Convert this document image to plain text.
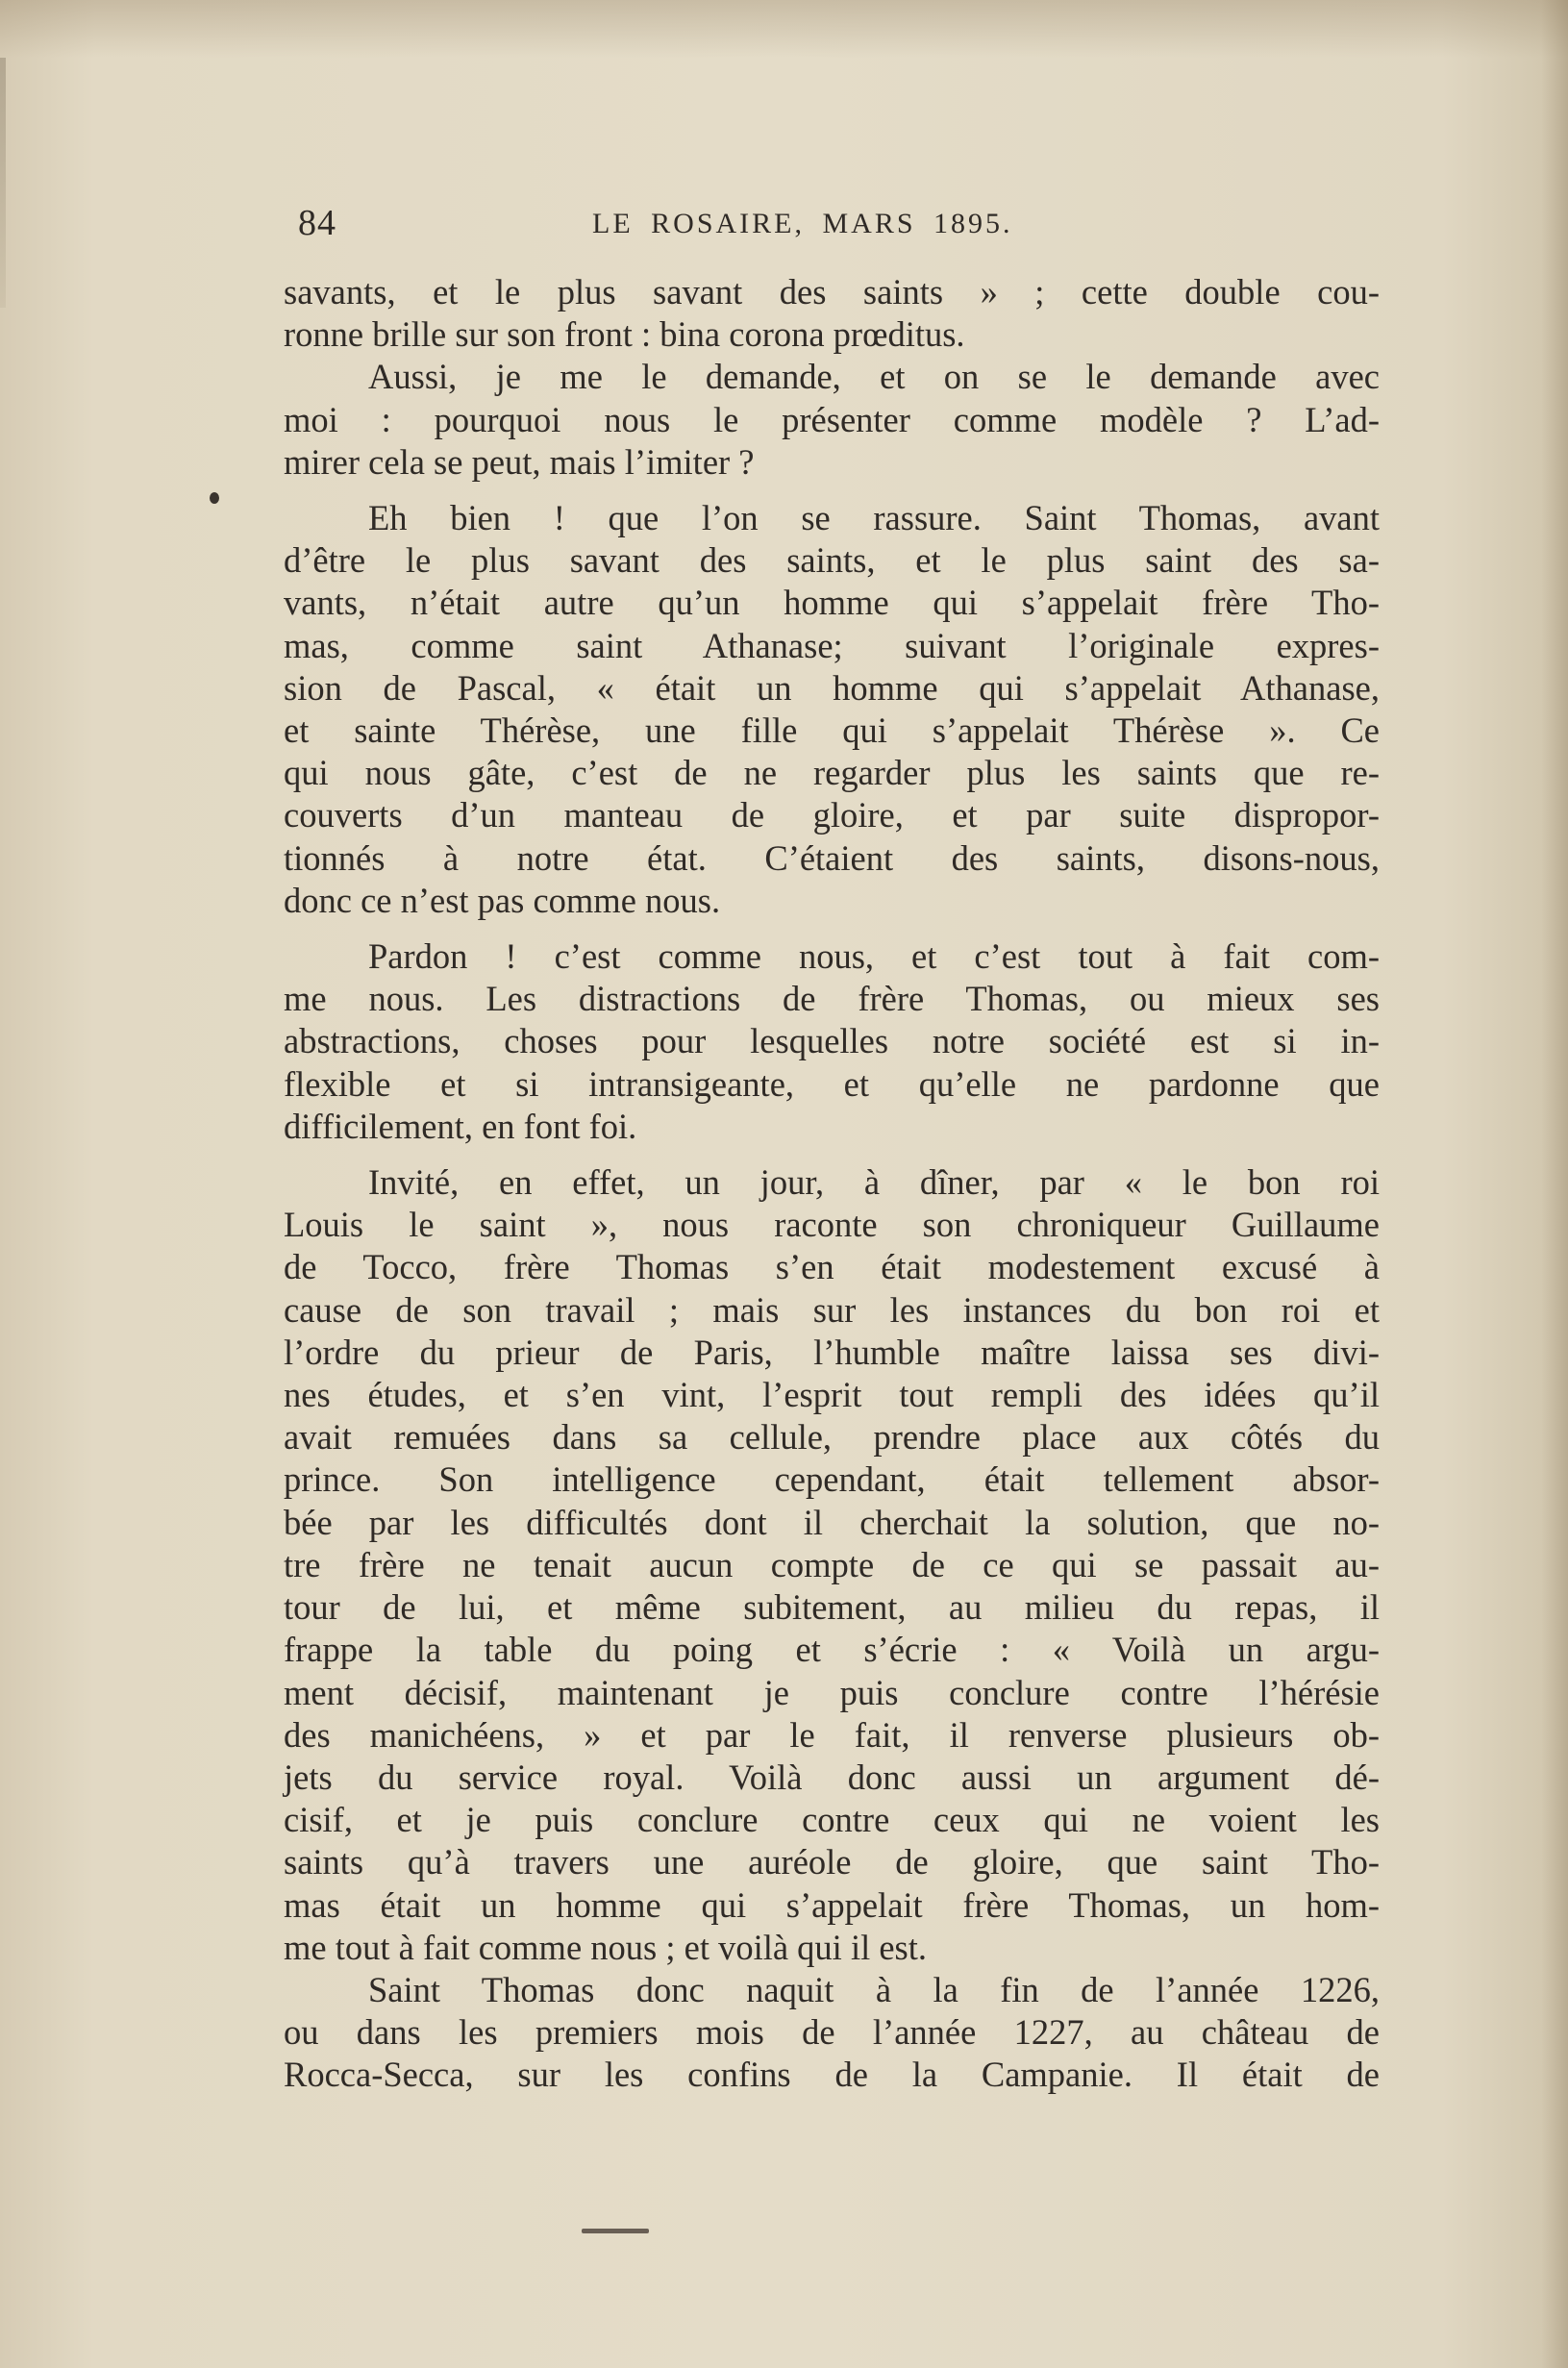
84	LE ROSAIRE, MARS 1895.
savants, et le plus savant des saints » ; cette double cou-
ronne brille sur son front : bina corona prœditus.
Aussi, je me le demande, et on se le demande avec
moi : pourquoi nous le présenter comme modèle ? L’ad-
mirer cela se peut, mais l’imiter ?
Eh bien ! que l’on se rassure. Saint Thomas, avant
d’être le plus savant des saints, et le plus saint des sa-
vants, n’était autre qu’un homme qui s’appelait frère Tho-
mas, comme saint Athanase; suivant l’originale expres-
sion de Pascal, « était un homme qui s’appelait Athanase,
et sainte Thérèse, une fille qui s’appelait Thérèse ». Ce
qui nous gâte, c’est de ne regarder plus les saints que re-
couverts d’un manteau de gloire, et par suite dispropor-
tionnés à notre état. C’étaient des saints, disons-nous,
donc ce n’est pas comme nous.
Pardon ! c’est comme nous, et c’est tout à fait com-
me nous. Les distractions de frère Thomas, ou mieux ses
abstractions, choses pour lesquelles notre société est si in-
flexible et si intransigeante, et qu’elle ne pardonne que
difficilement, en font foi.
Invité, en effet, un jour, à dîner, par « le bon roi
Louis le saint », nous raconte son chroniqueur Guillaume
de Tocco, frère Thomas s’en était modestement excusé à
cause de son travail ; mais sur les instances du bon roi et
l’ordre du prieur de Paris, l’humble maître laissa ses divi-
nes études, et s’en vint, l’esprit tout rempli des idées qu’il
avait remuées dans sa cellule, prendre place aux côtés du
prince. Son intelligence cependant, était tellement absor-
bée par les difficultés dont il cherchait la solution, que no-
tre frère ne tenait aucun compte de ce qui se passait au-
tour de lui, et même subitement, au milieu du repas, il
frappe la table du poing et s’écrie : « Voilà un argu-
ment décisif, maintenant je puis conclure contre l’hérésie
des manichéens, » et par le fait, il renverse plusieurs ob-
jets du service royal. Voilà donc aussi un argument dé-
cisif, et je puis conclure contre ceux qui ne voient les
saints qu’à travers une auréole de gloire, que saint Tho-
mas était un homme qui s’appelait frère Thomas, un hom-
me tout à fait comme nous ; et voilà qui il est.
Saint Thomas donc naquit à la fin de l’année 1226,
ou dans les premiers mois de l’année 1227, au château de
Rocca-Secca, sur les confins de la Campanie. Il était de
